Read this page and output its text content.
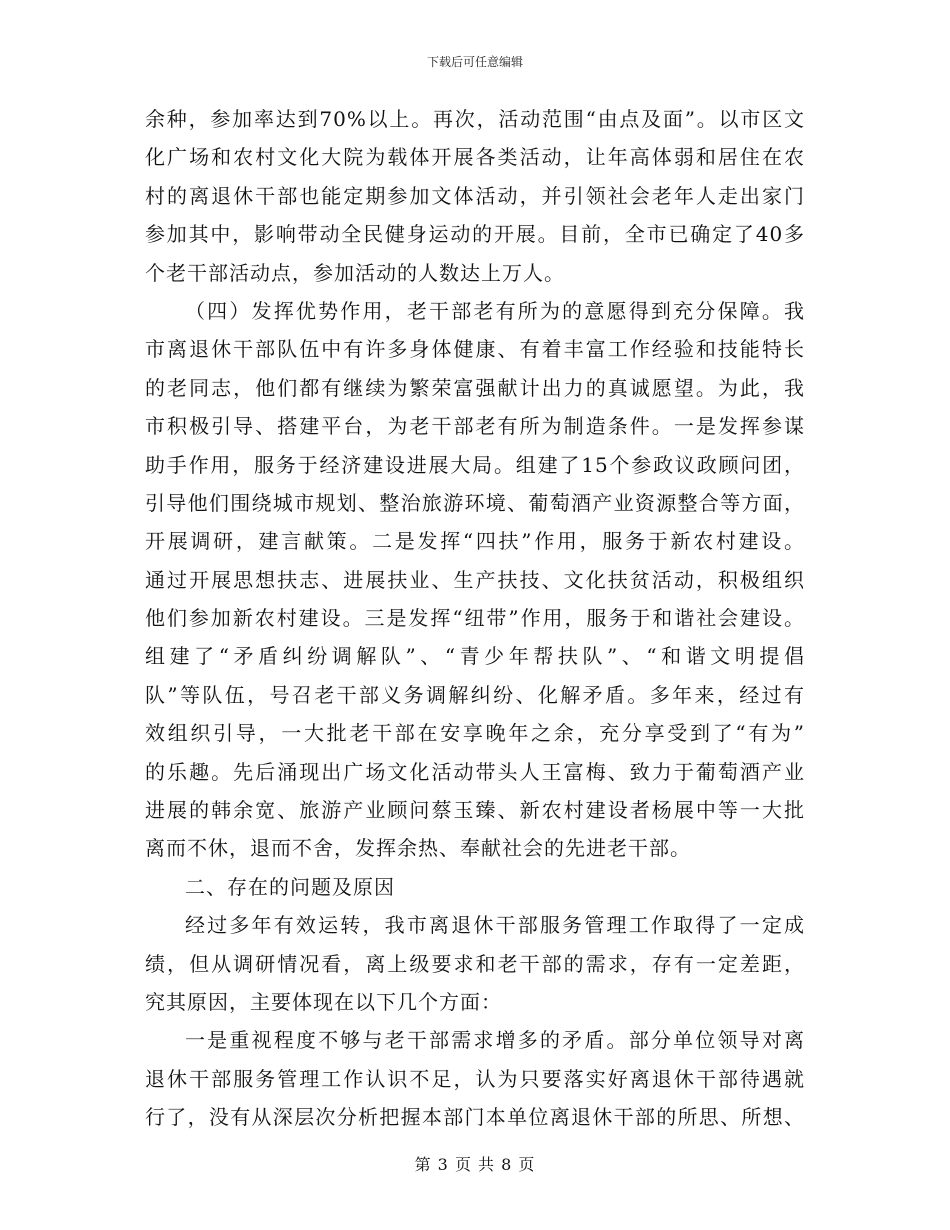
下载后可任意编辑
余种，参加率达到70%以上。再次，活动范围“由点及面”。以市区文
化广场和农村文化大院为载体开展各类活动，让年高体弱和居住在农
村的离退休干部也能定期参加文体活动，并引领社会老年人走出家门
参加其中，影响带动全民健身运动的开展。目前，全市已确定了40多
个老干部活动点，参加活动的人数达上万人。
（四）发挥优势作用，老干部老有所为的意愿得到充分保障。我
市离退休干部队伍中有许多身体健康、有着丰富工作经验和技能特长
的老同志，他们都有继续为繁荣富强献计出力的真诚愿望。为此，我
市积极引导、搭建平台，为老干部老有所为制造条件。一是发挥参谋
助手作用，服务于经济建设进展大局。组建了15个参政议政顾问团，
引导他们围绕城市规划、整治旅游环境、葡萄酒产业资源整合等方面，
开展调研，建言献策。二是发挥“四扶”作用，服务于新农村建设。
通过开展思想扶志、进展扶业、生产扶技、文化扶贫活动，积极组织
他们参加新农村建设。三是发挥“纽带”作用，服务于和谐社会建设。
组建了“矛盾纠纷调解队”、“青少年帮扶队”、“和谐文明提倡
队”等队伍，号召老干部义务调解纠纷、化解矛盾。多年来，经过有
效组织引导，一大批老干部在安享晚年之余，充分享受到了“有为”
的乐趣。先后涌现出广场文化活动带头人王富梅、致力于葡萄酒产业
进展的韩余宽、旅游产业顾问蔡玉臻、新农村建设者杨展中等一大批
离而不休，退而不舍，发挥余热、奉献社会的先进老干部。
二、存在的问题及原因
经过多年有效运转，我市离退休干部服务管理工作取得了一定成
绩，但从调研情况看，离上级要求和老干部的需求，存有一定差距，
究其原因，主要体现在以下几个方面：
一是重视程度不够与老干部需求增多的矛盾。部分单位领导对离
退休干部服务管理工作认识不足，认为只要落实好离退休干部待遇就
行了，没有从深层次分析把握本部门本单位离退休干部的所思、所想、
第 3 页 共 8 页
